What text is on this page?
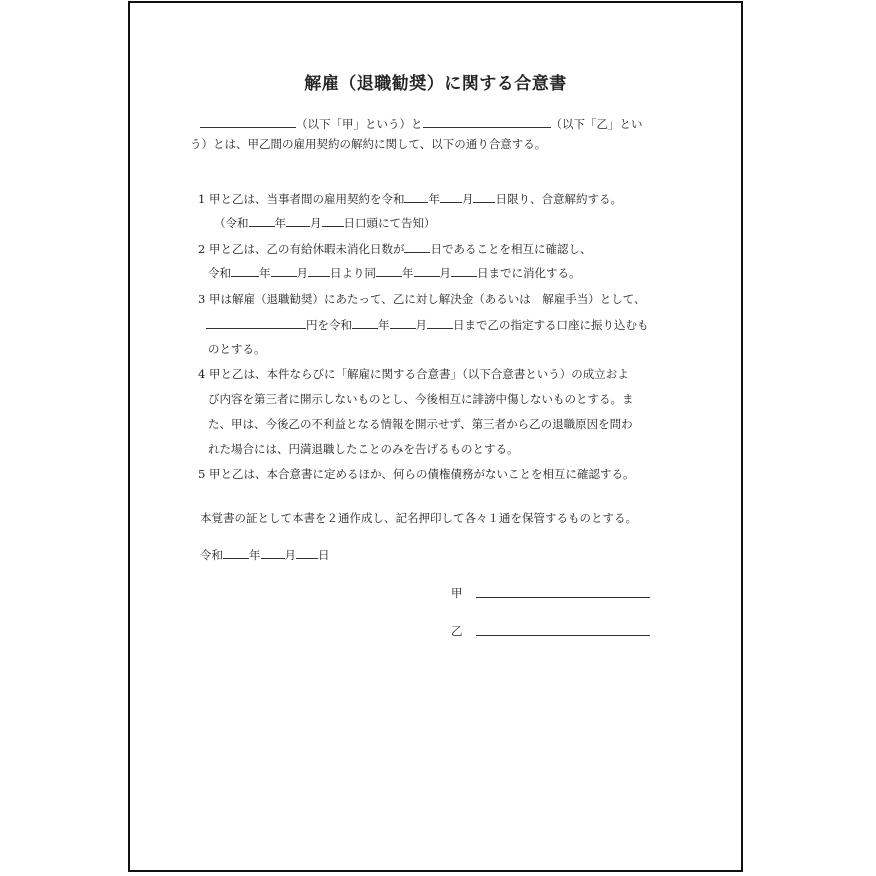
解雇（退職勧奨）に関する合意書
（以下「甲」という）と	（以下「乙」とい
う）とは、甲乙間の雇用契約の解約に関して、以下の通り合意する。
1 甲と乙は、当事者間の雇用契約を令和 年 月 日限り、合意解約する。
（令和 年 月 日口頭にて告知）
2 甲と乙は、乙の有給休暇未消化日数が 日であることを相互に確認し、
令和 年 月 日より同 年 月 日までに消化する。
3 甲は解雇（退職勧奨）にあたって、乙に対し解決金（あるいは　解雇手当）として、
円を令和 年 月 日まで乙の指定する口座に振り込むも
のとする。
4 甲と乙は、本件ならびに「解雇に関する合意書」（以下合意書という）の成立およ
び内容を第三者に開示しないものとし、今後相互に誹謗中傷しないものとする。ま
た、甲は、今後乙の不利益となる情報を開示せず、第三者から乙の退職原因を問わ
れた場合には、円満退職したことのみを告げるものとする。
5 甲と乙は、本合意書に定めるほか、何らの債権債務がないことを相互に確認する。
本覚書の証として本書を２通作成し、記名押印して各々１通を保管するものとする。
令和 年 月 日
甲
乙
